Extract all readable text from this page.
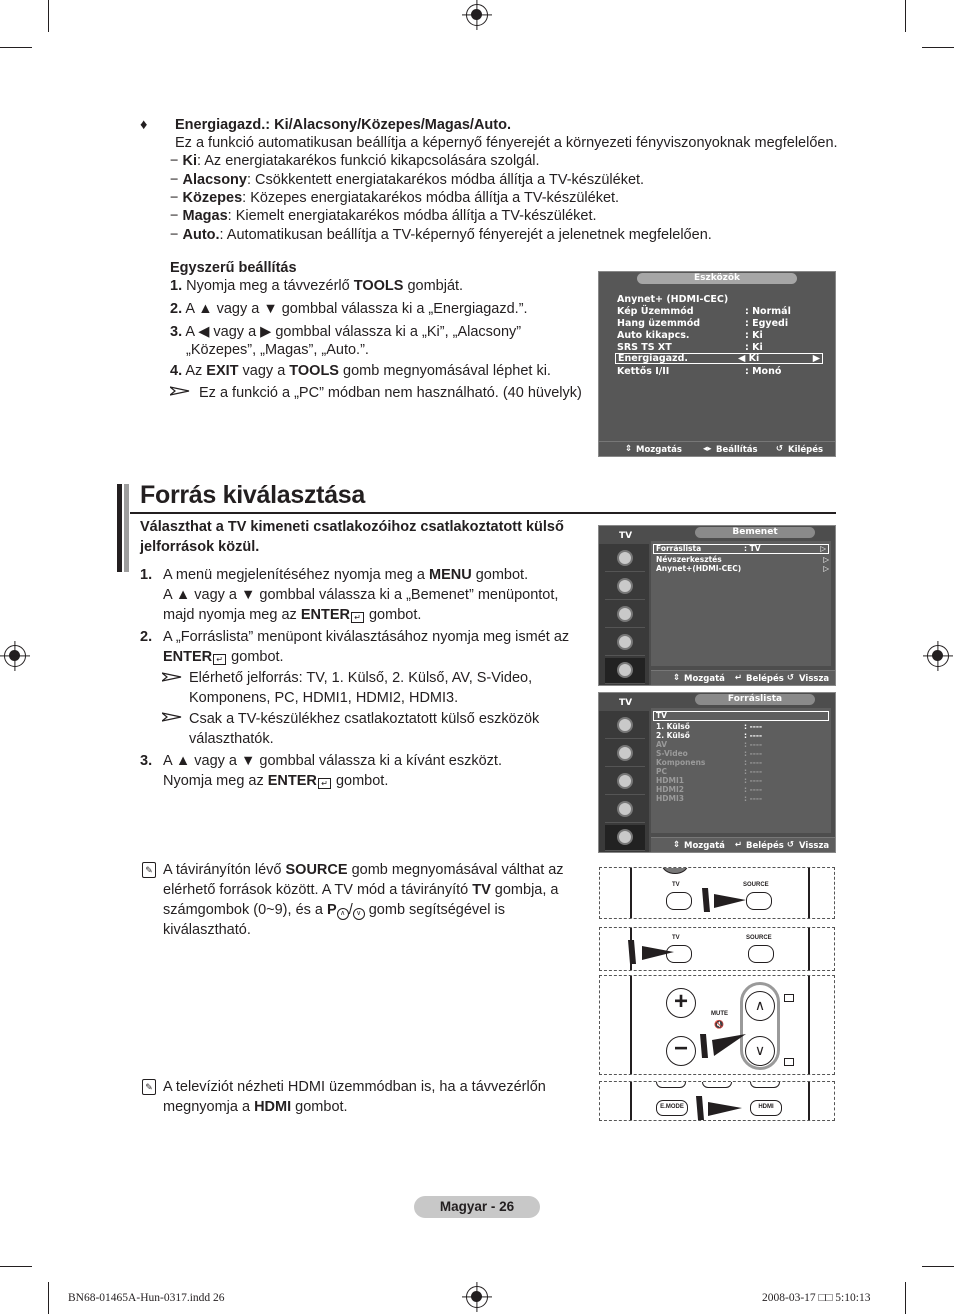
♦ Energiagazd.: Ki/Alacsony/Közepes/Magas/Auto.
Ez a funkció automatikusan beállítja a képernyő fényerejét a környezeti fényviszonyoknak megfelelően.
− Ki: Az energiatakarékos funkció kikapcsolására szolgál.
− Alacsony: Csökkentett energiatakarékos módba állítja a TV-készüléket.
− Közepes: Közepes energiatakarékos módba állítja a TV-készüléket.
− Magas: Kiemelt energiatakarékos módba állítja a TV-készüléket.
− Auto.: Automatikusan beállítja a TV-képernyő fényerejét a jelenetnek megfelelően.
Egyszerű beállítás
1. Nyomja meg a távvezérlő TOOLS gombját.
2. A ▲ vagy a ▼ gombbal válassza ki a „Energiagazd.”.
3. A ◀ vagy a ▶ gombbal válassza ki a „Ki”, „Alacsony”
„Közepes”, „Magas”, „Auto.”.
4. Az EXIT vagy a TOOLS gomb megnyomásával léphet ki.
Ez a funkció a „PC” módban nem használható. (40 hüvelyk)
Eszközök
Anynet+ (HDMI-CEC)
Kép Üzemmód	: Normál
Hang üzemmód	: Egyedi
Auto kikapcs.	: Ki
SRS TS XT	: Ki
Energiagazd.	◀ Ki	▶
Kettős I/II	: Monó
⇕ Mozgatás ◂▸ Beállítás ↺ Kilépés
Forrás kiválasztása
Választhat a TV kimeneti csatlakozóihoz csatlakoztatott külső
jelforrások közül.
1. A menü megjelenítéséhez nyomja meg a MENU gombot.
A ▲ vagy a ▼ gombbal válassza ki a „Bemenet” menüpontot,
majd nyomja meg az ENTER ↵ gombot.
2. A „Forráslista” menüpont kiválasztásához nyomja meg ismét az
ENTER ↵ gombot.
Elérhető jelforrás: TV, 1. Külső, 2. Külső, AV, S-Video,
Komponens, PC, HDMI1, HDMI2, HDMI3.
Csak a TV-készülékhez csatlakoztatott külső eszközök
választhatók.
3. A ▲ vagy a ▼ gombbal válassza ki a kívánt eszközt.
Nyomja meg az ENTER ↵ gombot.
TV	Bemenet
Forráslista	: TV	▷
Névszerkesztés	▷
Anynet+(HDMI-CEC)	▷
⇕ Mozgatá ↵ Belépés ↺ Vissza
TV	Forráslista
TV
1. Külső	: ----
2. Külső	: ----
AV	: ----
S-Video	: ----
Komponens	: ----
PC	: ----
HDMI1	: ----
HDMI2	: ----
HDMI3	: ----
⇕ Mozgatá ↵ Belépés ↺ Vissza
✎ A távirányítón lévő SOURCE gomb megnyomásával válthat az
elérhető források között. A TV mód a távirányító TV gombja, a
számgombok (0~9), és a P ∧ / ∨ gomb segítségével is
kiválasztható.
✎ A televíziót nézheti HDMI üzemmódban is, ha a távvezérlőn
megnyomja a HDMI gombot.
TV	SOURCE
TV	SOURCE
+
−
MUTE
🔇
∧
∨
E.MODE	HDMI
Magyar - 26
BN68-01465A-Hun-0317.indd 26	2008-03-17 □□ 5:10:13
